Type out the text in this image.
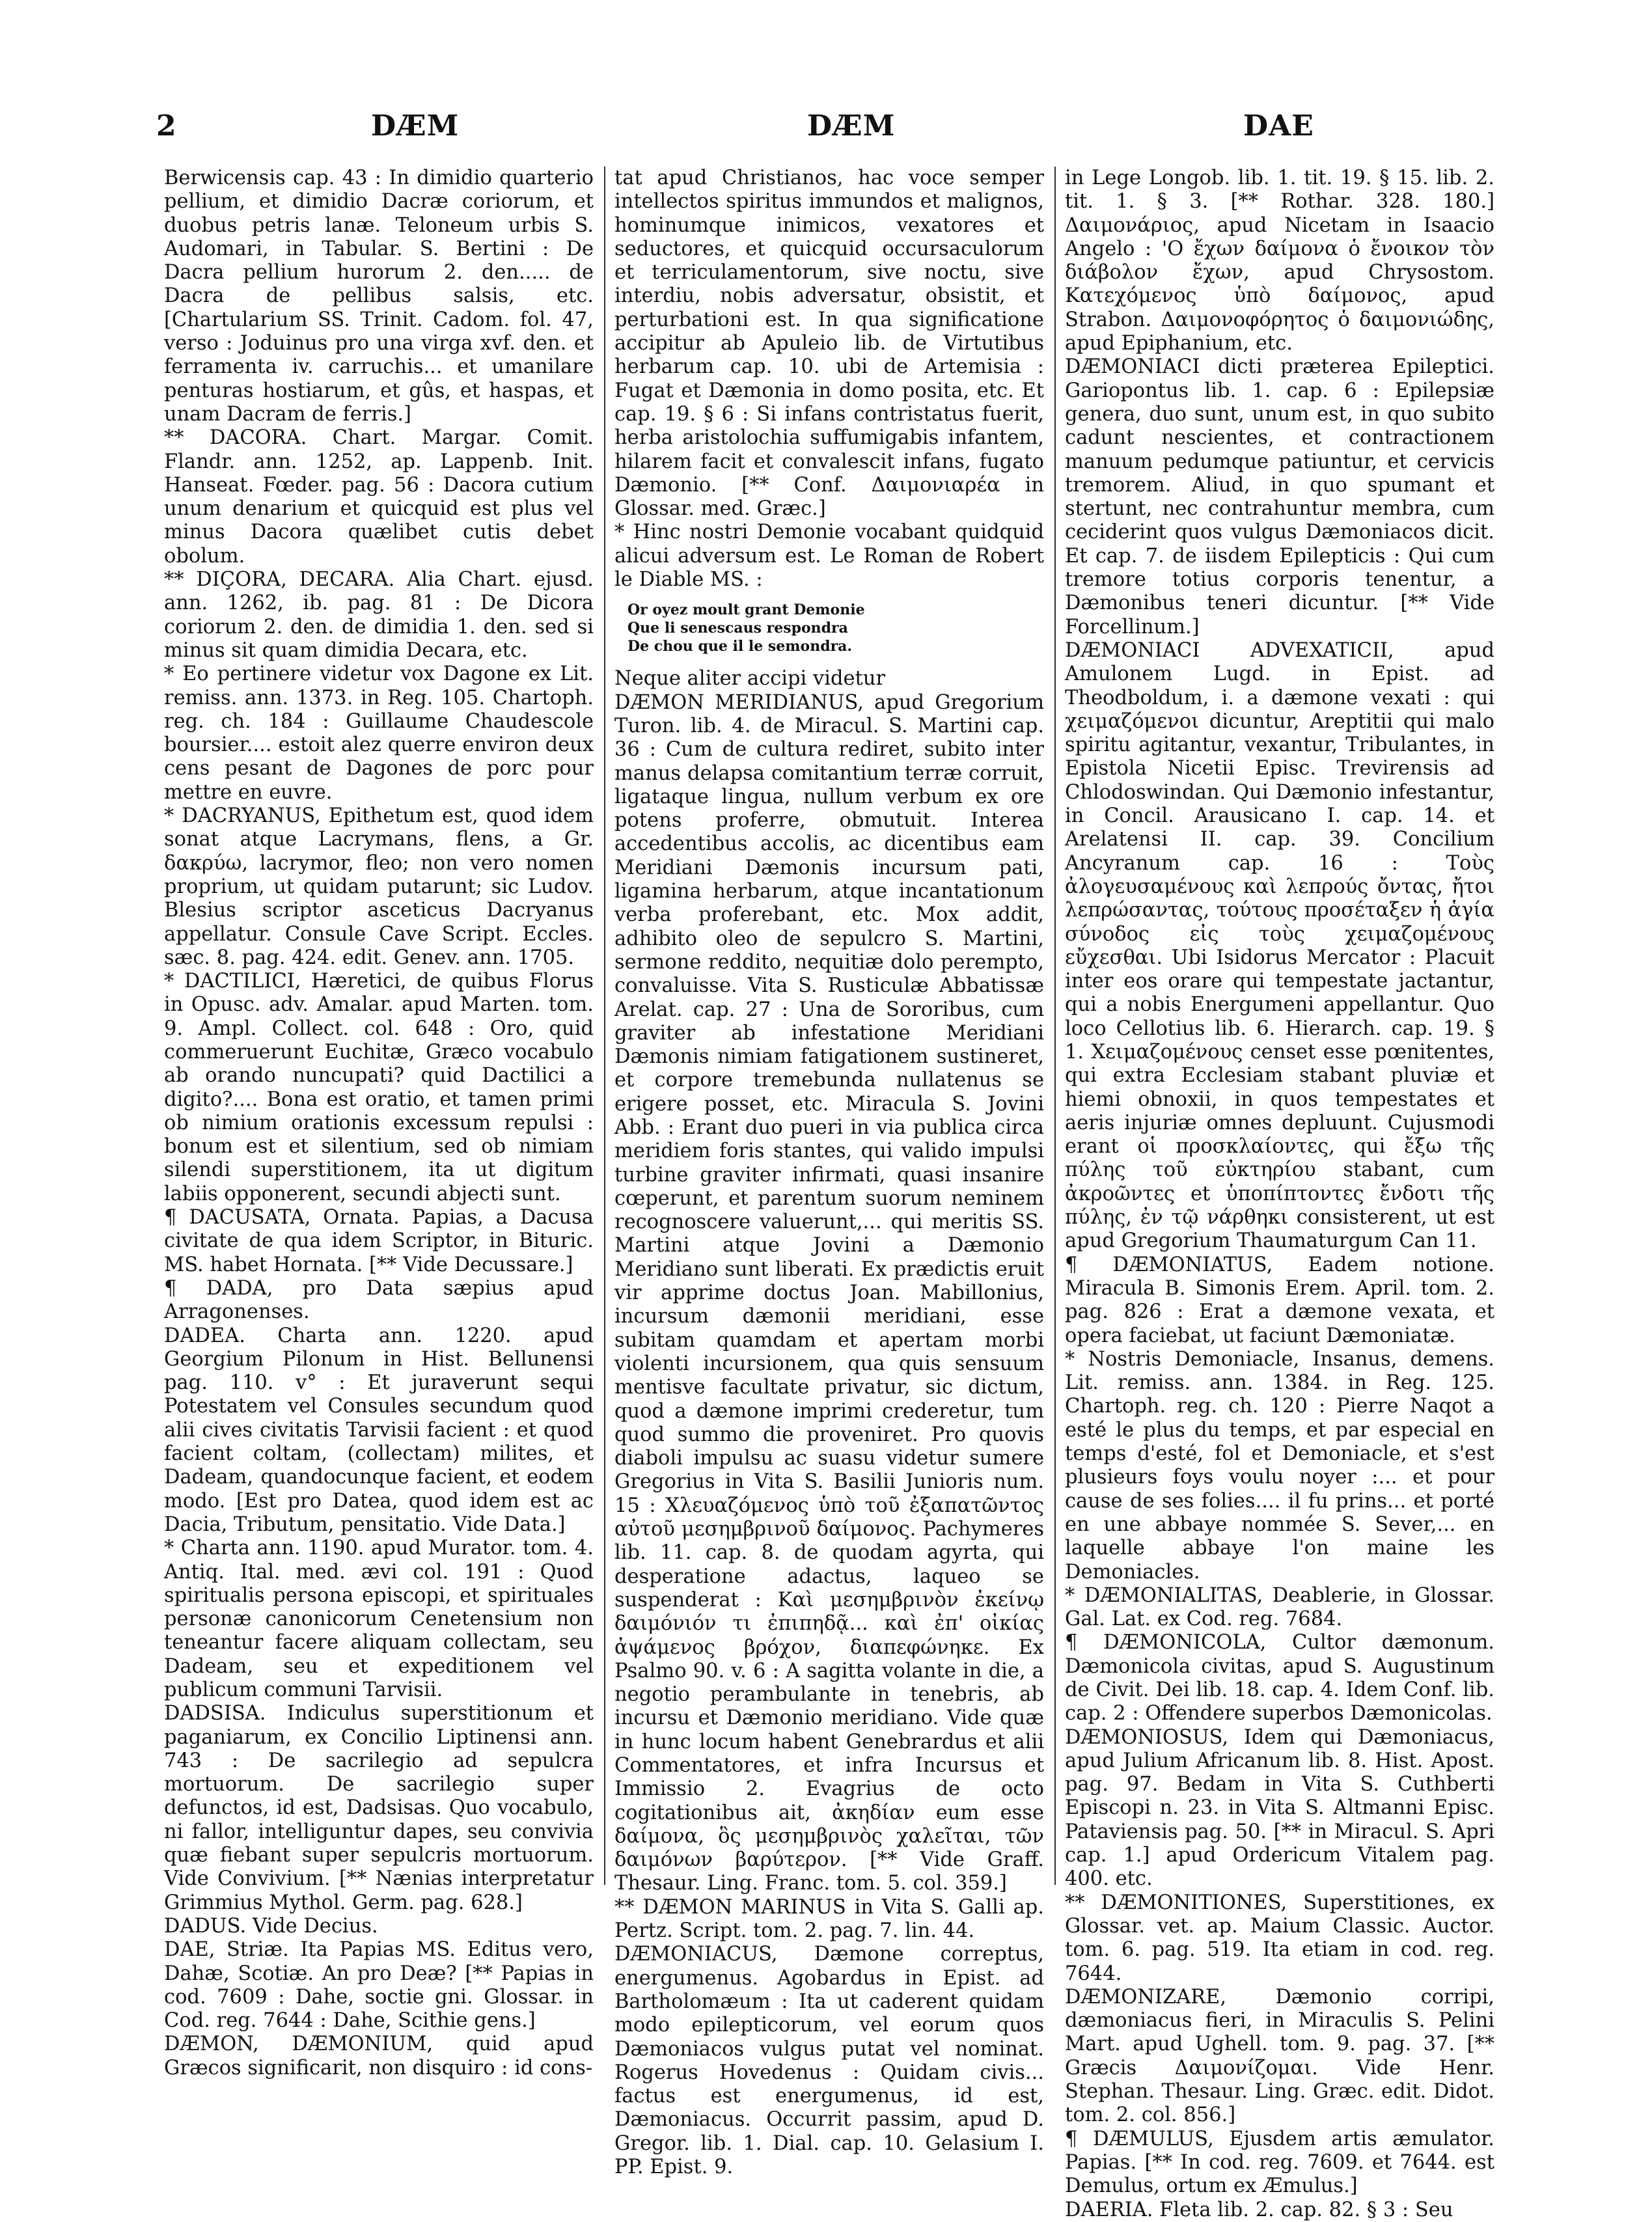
2	DÆM	DÆM	DAE

Berwicensis cap. 43 : In dimidio quarterio pellium, et dimidio Dacræ coriorum, et duobus petris lanæ. Teloneum urbis S. Audomari, in Tabular. S. Bertini : De Dacra pellium hurorum 2. den..... de Dacra de pellibus salsis, etc. [Chartularium SS. Trinit. Cadom. fol. 47, verso : Joduinus pro una virga xvf. den. et ferramenta iv. carruchis... et umanilare penturas hostiarum, et gûs, et haspas, et unam Dacram de ferris.]

** DACORA. Chart. Margar. Comit. Flandr. ann. 1252, ap. Lappenb. Init. Hanseat. Fœder. pag. 56 : Dacora cutium unum denarium et quicquid est plus vel minus Dacora quælibet cutis debet obolum.

** DIÇORA, DECARA. Alia Chart. ejusd. ann. 1262, ib. pag. 81 : De Dicora coriorum 2. den. de dimidia 1. den. sed si minus sit quam dimidia Decara, etc.

* Eo pertinere videtur vox Dagone ex Lit. remiss. ann. 1373. in Reg. 105. Chartoph. reg. ch. 184 : Guillaume Chaudescole boursier.... estoit alez querre environ deux cens pesant de Dagones de porc pour mettre en euvre.

* DACRYANUS, Epithetum est, quod idem sonat atque Lacrymans, flens, a Gr. δακρύω, lacrymor, fleo; non vero nomen proprium, ut quidam putarunt; sic Ludov. Blesius scriptor asceticus Dacryanus appellatur. Consule Cave Script. Eccles. sæc. 8. pag. 424. edit. Genev. ann. 1705.

* DACTILICI, Hæretici, de quibus Florus in Opusc. adv. Amalar. apud Marten. tom. 9. Ampl. Collect. col. 648 : Oro, quid commeruerunt Euchitæ, Græco vocabulo ab orando nuncupati? quid Dactilici a digito?.... Bona est oratio, et tamen primi ob nimium orationis excessum repulsi : bonum est et silentium, sed ob nimiam silendi superstitionem, ita ut digitum labiis opponerent, secundi abjecti sunt.

¶ DACUSATA, Ornata. Papias, a Dacusa civitate de qua idem Scriptor, in Bituric. MS. habet Hornata. [** Vide Decussare.]

¶ DADA, pro Data sæpius apud Arragonenses.

DADEA. Charta ann. 1220. apud Georgium Pilonum in Hist. Bellunensi pag. 110. v° : Et juraverunt sequi Potestatem vel Consules secundum quod alii cives civitatis Tarvisii facient : et quod facient coltam, (collectam) milites, et Dadeam, quandocunque facient, et eodem modo. [Est pro Datea, quod idem est ac Dacia, Tributum, pensitatio. Vide Data.]

* Charta ann. 1190. apud Murator. tom. 4. Antiq. Ital. med. ævi col. 191 : Quod spiritualis persona episcopi, et spirituales personæ canonicorum Cenetensium non teneantur facere aliquam collectam, seu Dadeam, seu et expeditionem vel publicum communi Tarvisii.

DADSISA. Indiculus superstitionum et paganiarum, ex Concilio Liptinensi ann. 743 : De sacrilegio ad sepulcra mortuorum. De sacrilegio super defunctos, id est, Dadsisas. Quo vocabulo, ni fallor, intelliguntur dapes, seu convivia quæ fiebant super sepulcris mortuorum. Vide Convivium. [** Nænias interpretatur Grimmius Mythol. Germ. pag. 628.]

DADUS. Vide Decius.

DAE, Striæ. Ita Papias MS. Editus vero, Dahæ, Scotiæ. An pro Deæ? [** Papias in cod. 7609 : Dahe, soctie gni. Glossar. in Cod. reg. 7644 : Dahe, Scithie gens.]

DÆMON, DÆMONIUM, quid apud Græcos significarit, non disquiro : id cons-

tat apud Christianos, hac voce semper intellectos spiritus immundos et malignos, hominumque inimicos, vexatores et seductores, et quicquid occursaculorum et terriculamentorum, sive noctu, sive interdiu, nobis adversatur, obsistit, et perturbationi est. In qua significatione accipitur ab Apuleio lib. de Virtutibus herbarum cap. 10. ubi de Artemisia : Fugat et Dæmonia in domo posita, etc. Et cap. 19. § 6 : Si infans contristatus fuerit, herba aristolochia suffumigabis infantem, hilarem facit et convalescit infans, fugato Dæmonio. [** Conf. Δαιμονιαρέα in Glossar. med. Græc.]

* Hinc nostri Demonie vocabant quidquid alicui adversum est. Le Roman de Robert le Diable MS. :

Or oyez moult grant Demonie
Que li senescaus respondra
De chou que il le semondra.

Neque aliter accipi videtur

DÆMON MERIDIANUS, apud Gregorium Turon. lib. 4. de Miracul. S. Martini cap. 36 : Cum de cultura rediret, subito inter manus delapsa comitantium terræ corruit, ligataque lingua, nullum verbum ex ore potens proferre, obmutuit. Interea accedentibus accolis, ac dicentibus eam Meridiani Dæmonis incursum pati, ligamina herbarum, atque incantationum verba proferebant, etc. Mox addit, adhibito oleo de sepulcro S. Martini, sermone reddito, nequitiæ dolo perempto, convaluisse. Vita S. Rusticulæ Abbatissæ Arelat. cap. 27 : Una de Sororibus, cum graviter ab infestatione Meridiani Dæmonis nimiam fatigationem sustineret, et corpore tremebunda nullatenus se erigere posset, etc. Miracula S. Jovini Abb. : Erant duo pueri in via publica circa meridiem foris stantes, qui valido impulsi turbine graviter infirmati, quasi insanire cœperunt, et parentum suorum neminem recognoscere valuerunt,... qui meritis SS. Martini atque Jovini a Dæmonio Meridiano sunt liberati. Ex prædictis eruit vir apprime doctus Joan. Mabillonius, incursum dæmonii meridiani, esse subitam quamdam et apertam morbi violenti incursionem, qua quis sensuum mentisve facultate privatur, sic dictum, quod a dæmone imprimi crederetur, tum quod summo die proveniret. Pro quovis diaboli impulsu ac suasu videtur sumere Gregorius in Vita S. Basilii Junioris num. 15 : Χλευαζόμενος ὑπὸ τοῦ ἐξαπατῶντος αὐτοῦ μεσημβρινοῦ δαίμονος. Pachymeres lib. 11. cap. 8. de quodam agyrta, qui desperatione adactus, laqueo se suspenderat : Καὶ μεσημβρινὸν ἐκείνῳ δαιμόνιόν τι ἐπιπηδᾷ... καὶ ἐπ' οἰκίας ἀψάμενος βρόχον, διαπεφώνηκε. Ex Psalmo 90. v. 6 : A sagitta volante in die, a negotio perambulante in tenebris, ab incursu et Dæmonio meridiano. Vide quæ in hunc locum habent Genebrardus et alii Commentatores, et infra Incursus et Immissio 2. Evagrius de octo cogitationibus ait, ἀκηδίαν eum esse δαίμονα, ὃς μεσημβρινὸς χαλεῖται, τῶν δαιμόνων βαρύτερον. [** Vide Graff. Thesaur. Ling. Franc. tom. 5. col. 359.]

** DÆMON MARINUS in Vita S. Galli ap. Pertz. Script. tom. 2. pag. 7. lin. 44.

DÆMONIACUS, Dæmone correptus, energumenus. Agobardus in Epist. ad Bartholomæum : Ita ut caderent quidam modo epilepticorum, vel eorum quos Dæmoniacos vulgus putat vel nominat. Rogerus Hovedenus : Quidam civis... factus est energumenus, id est, Dæmoniacus. Occurrit passim, apud D. Gregor. lib. 1. Dial. cap. 10. Gelasium I. PP. Epist. 9.

in Lege Longob. lib. 1. tit. 19. § 15. lib. 2. tit. 1. § 3. [** Rothar. 328. 180.] Δαιμονάριος, apud Nicetam in Isaacio Angelo : 'Ο ἔχων δαίμονα ὁ ἔνοικον τὸν διάβολον ἔχων, apud Chrysostom. Κατεχόμενος ὑπὸ δαίμονος, apud Strabon. Δαιμονοφόρητος ὁ δαιμονιώδης, apud Epiphanium, etc.

DÆMONIACI dicti præterea Epileptici. Gariopontus lib. 1. cap. 6 : Epilepsiæ genera, duo sunt, unum est, in quo subito cadunt nescientes, et contractionem manuum pedumque patiuntur, et cervicis tremorem. Aliud, in quo spumant et stertunt, nec contrahuntur membra, cum ceciderint quos vulgus Dæmoniacos dicit. Et cap. 7. de iisdem Epilepticis : Qui cum tremore totius corporis tenentur, a Dæmonibus teneri dicuntur. [** Vide Forcellinum.]

DÆMONIACI ADVEXATICII, apud Amulonem Lugd. in Epist. ad Theodboldum, i. a dæmone vexati : qui χειμαζόμενοι dicuntur, Areptitii qui malo spiritu agitantur, vexantur, Tribulantes, in Epistola Nicetii Episc. Trevirensis ad Chlodoswindan. Qui Dæmonio infestantur, in Concil. Arausicano I. cap. 14. et Arelatensi II. cap. 39. Concilium Ancyranum cap. 16 : Τοὺς ἀλογευσαμένους καὶ λεπρούς ὄντας, ἤτοι λεπρώσαντας, τούτους προσέταξεν ἡ ἁγία σύνοδος εἰς τοὺς χειμαζομένους εὔχεσθαι. Ubi Isidorus Mercator : Placuit inter eos orare qui tempestate jactantur, qui a nobis Energumeni appellantur. Quo loco Cellotius lib. 6. Hierarch. cap. 19. § 1. Χειμαζομένους censet esse pœnitentes, qui extra Ecclesiam stabant pluviæ et hiemi obnoxii, in quos tempestates et aeris injuriæ omnes depluunt. Cujusmodi erant οἱ προσκλαίοντες, qui ἔξω τῆς πύλης τοῦ εὐκτηρίου stabant, cum ἀκροῶντες et ὑποπίπτοντες ἔνδοτι τῆς πύλης, ἐν τῷ νάρθηκι consisterent, ut est apud Gregorium Thaumaturgum Can 11.

¶ DÆMONIATUS, Eadem notione. Miracula B. Simonis Erem. April. tom. 2. pag. 826 : Erat a dæmone vexata, et opera faciebat, ut faciunt Dæmoniatæ.

* Nostris Demoniacle, Insanus, demens. Lit. remiss. ann. 1384. in Reg. 125. Chartoph. reg. ch. 120 : Pierre Naqot a esté le plus du temps, et par especial en temps d'esté, fol et Demoniacle, et s'est plusieurs foys voulu noyer :... et pour cause de ses folies.... il fu prins... et porté en une abbaye nommée S. Sever,... en laquelle abbaye l'on maine les Demoniacles.

* DÆMONIALITAS, Deablerie, in Glossar. Gal. Lat. ex Cod. reg. 7684.

¶ DÆMONICOLA, Cultor dæmonum. Dæmonicola civitas, apud S. Augustinum de Civit. Dei lib. 18. cap. 4. Idem Conf. lib. cap. 2 : Offendere superbos Dæmonicolas.

DÆMONIOSUS, Idem qui Dæmoniacus, apud Julium Africanum lib. 8. Hist. Apost. pag. 97. Bedam in Vita S. Cuthberti Episcopi n. 23. in Vita S. Altmanni Episc. Pataviensis pag. 50. [** in Miracul. S. Apri cap. 1.] apud Ordericum Vitalem pag. 400. etc.

** DÆMONITIONES, Superstitiones, ex Glossar. vet. ap. Maium Classic. Auctor. tom. 6. pag. 519. Ita etiam in cod. reg. 7644.

DÆMONIZARE, Dæmonio corripi, dæmoniacus fieri, in Miraculis S. Pelini Mart. apud Ughell. tom. 9. pag. 37. [** Græcis Δαιμονίζομαι. Vide Henr. Stephan. Thesaur. Ling. Græc. edit. Didot. tom. 2. col. 856.]

¶ DÆMULUS, Ejusdem artis æmulator. Papias. [** In cod. reg. 7609. et 7644. est Demulus, ortum ex Æmulus.]

DAERIA. Fleta lib. 2. cap. 82. § 3 : Seu
